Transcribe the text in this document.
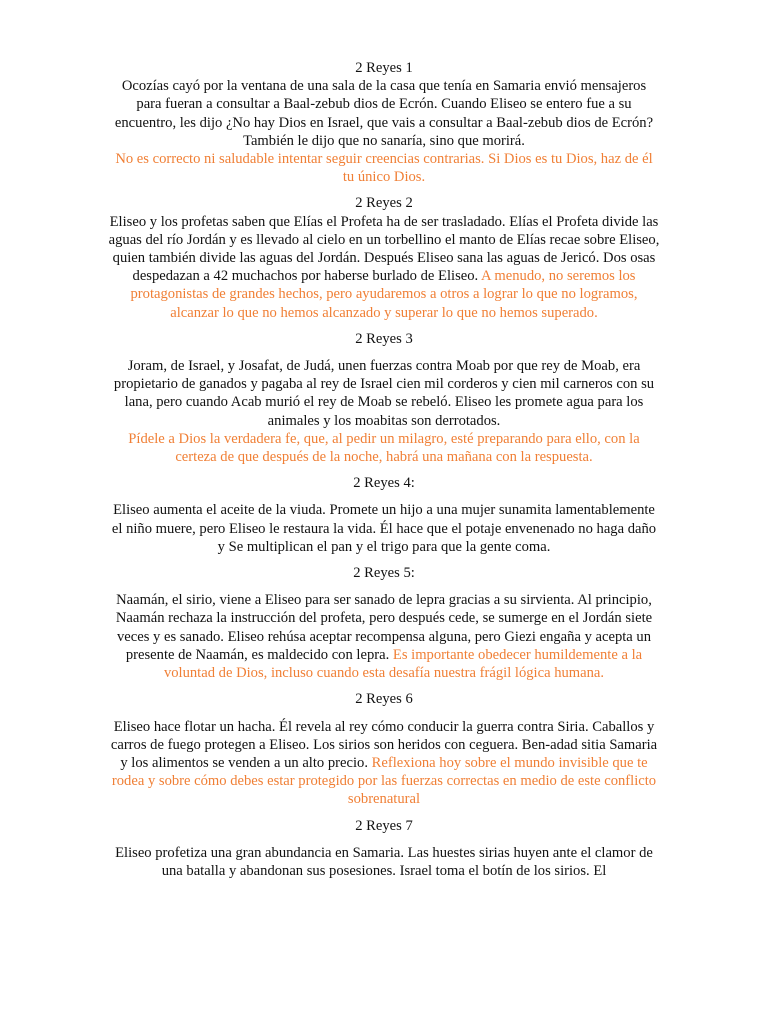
2 Reyes 1

Ocozías cayó por la ventana de una sala de la casa que tenía en Samaria envió mensajeros para fueran a consultar a Baal-zebub dios de Ecrón. Cuando Eliseo se entero fue a su encuentro, les dijo ¿No hay Dios en Israel, que vais a consultar a Baal-zebub dios de Ecrón? También le dijo que no sanaría, sino que morirá.
No es correcto ni saludable intentar seguir creencias contrarias. Si Dios es tu Dios, haz de él tu único Dios.

2 Reyes 2

Eliseo y los profetas saben que Elías el Profeta ha de ser trasladado. Elías el Profeta divide las aguas del río Jordán y es llevado al cielo en un torbellino el manto de Elías recae sobre Eliseo, quien también divide las aguas del Jordán. Después Eliseo sana las aguas de Jericó. Dos osas despedazan a 42 muchachos por haberse burlado de Eliseo. A menudo, no seremos los protagonistas de grandes hechos, pero ayudaremos a otros a lograr lo que no logramos, alcanzar lo que no hemos alcanzado y superar lo que no hemos superado.

2 Reyes 3

Joram, de Israel, y Josafat, de Judá, unen fuerzas contra Moab por que rey de Moab, era propietario de ganados y pagaba al rey de Israel cien mil corderos y cien mil carneros con su lana, pero cuando Acab murió el rey de Moab se rebeló. Eliseo les promete agua para los animales y los moabitas son derrotados.
Pídele a Dios la verdadera fe, que, al pedir un milagro, esté preparando para ello, con la certeza de que después de la noche, habrá una mañana con la respuesta.

2 Reyes 4:

Eliseo aumenta el aceite de la viuda. Promete un hijo a una mujer sunamita lamentablemente el niño muere, pero Eliseo le restaura la vida. Él hace que el potaje envenenado no haga daño y Se multiplican el pan y el trigo para que la gente coma.

2 Reyes 5:

Naamán, el sirio, viene a Eliseo para ser sanado de lepra gracias a su sirvienta. Al principio, Naamán rechaza la instrucción del profeta, pero después cede, se sumerge en el Jordán siete veces y es sanado. Eliseo rehúsa aceptar recompensa alguna, pero Giezi engaña y acepta un presente de Naamán, es maldecido con lepra. Es importante obedecer humildemente a la voluntad de Dios, incluso cuando esta desafía nuestra frágil lógica humana.

2 Reyes 6

Eliseo hace flotar un hacha. Él revela al rey cómo conducir la guerra contra Siria. Caballos y carros de fuego protegen a Eliseo. Los sirios son heridos con ceguera. Ben-adad sitia Samaria y los alimentos se venden a un alto precio. Reflexiona hoy sobre el mundo invisible que te rodea y sobre cómo debes estar protegido por las fuerzas correctas en medio de este conflicto sobrenatural

2 Reyes 7

Eliseo profetiza una gran abundancia en Samaria. Las huestes sirias huyen ante el clamor de una batalla y abandonan sus posesiones. Israel toma el botín de los sirios. El
